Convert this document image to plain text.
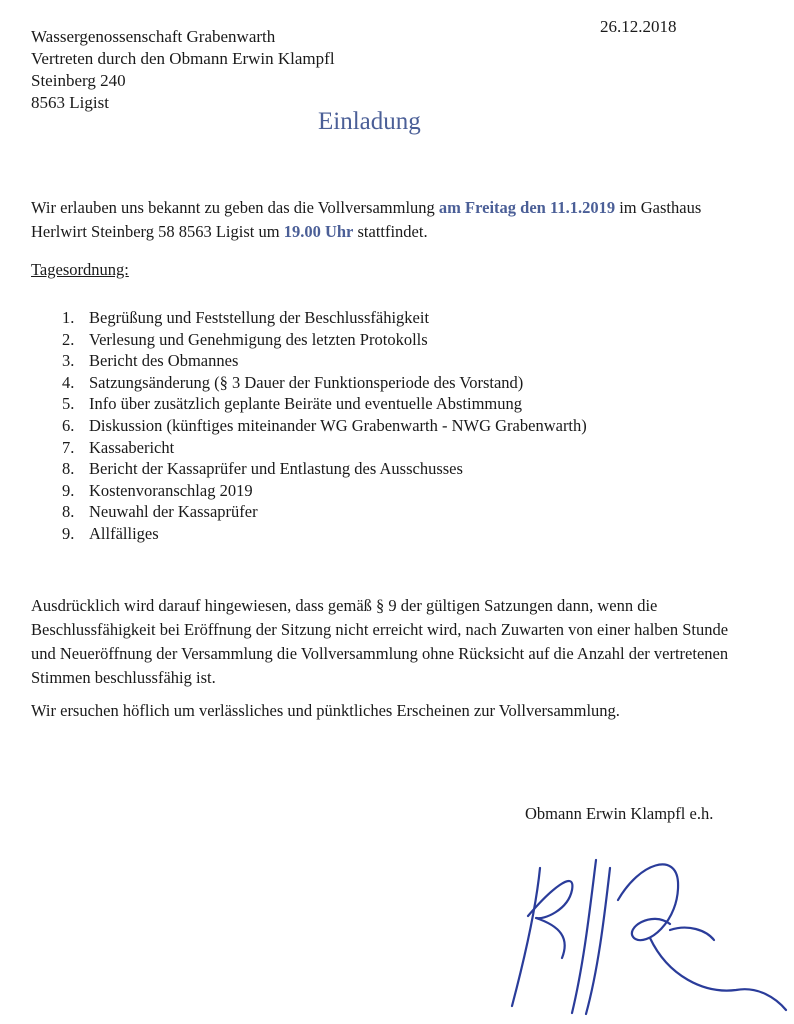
Wassergenossenschaft Grabenwarth
Vertreten durch den Obmann Erwin Klampfl
Steinberg 240
8563 Ligist
26.12.2018
Einladung
Wir erlauben uns bekannt zu geben das die Vollversammlung am Freitag den 11.1.2019 im Gasthaus Herlwirt Steinberg 58 8563 Ligist um 19.00 Uhr stattfindet.
Tagesordnung:
1. Begrüßung und Feststellung der Beschlussfähigkeit
2. Verlesung und Genehmigung des letzten Protokolls
3. Bericht des Obmannes
4. Satzungsänderung (§ 3 Dauer der Funktionsperiode des Vorstand)
5. Info über zusätzlich geplante Beiräte und eventuelle Abstimmung
6. Diskussion (künftiges miteinander WG Grabenwarth - NWG Grabenwarth)
7. Kassabericht
8. Bericht der Kassaprüfer und Entlastung des Ausschusses
9. Kostenvoranschlag 2019
8. Neuwahl der Kassaprüfer
9. Allfälliges
Ausdrücklich wird darauf hingewiesen, dass gemäß § 9 der gültigen Satzungen dann, wenn die Beschlussfähigkeit bei Eröffnung der Sitzung nicht erreicht wird, nach Zuwarten von einer halben Stunde und Neueröffnung der Versammlung die Vollversammlung ohne Rücksicht auf die Anzahl der vertretenen Stimmen beschlussfähig ist.
Wir ersuchen höflich um verlässliches und pünktliches Erscheinen zur Vollversammlung.
Obmann Erwin Klampfl e.h.
